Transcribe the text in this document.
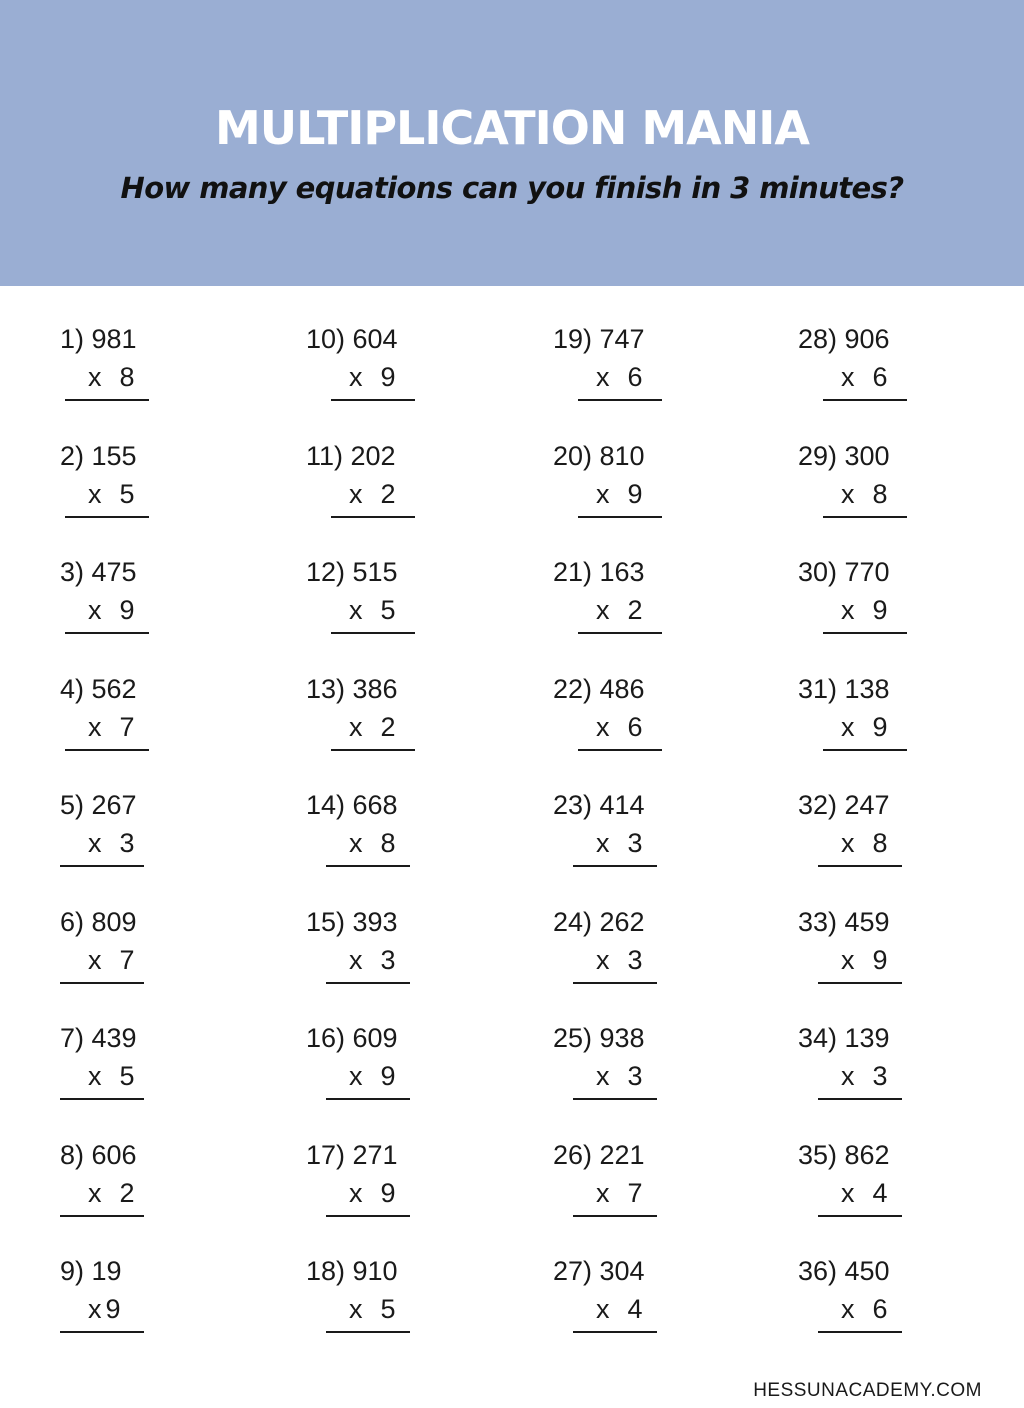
MULTIPLICATION MANIA
How many equations can you finish in 3 minutes?
1) 981
x 8
2) 155
x 5
3) 475
x 9
4) 562
x 7
5) 267
x 3
6) 809
x 7
7) 439
x 5
8) 606
x 2
9) 19
x 9
10) 604
x 9
11) 202
x 2
12) 515
x 5
13) 386
x 2
14) 668
x 8
15) 393
x 3
16) 609
x 9
17) 271
x 9
18) 910
x 5
19) 747
x 6
20) 810
x 9
21) 163
x 2
22) 486
x 6
23) 414
x 3
24) 262
x 3
25) 938
x 3
26) 221
x 7
27) 304
x 4
28) 906
x 6
29) 300
x 8
30) 770
x 9
31) 138
x 9
32) 247
x 8
33) 459
x 9
34) 139
x 3
35) 862
x 4
36) 450
x 6
HESSUNACADEMY.COM
